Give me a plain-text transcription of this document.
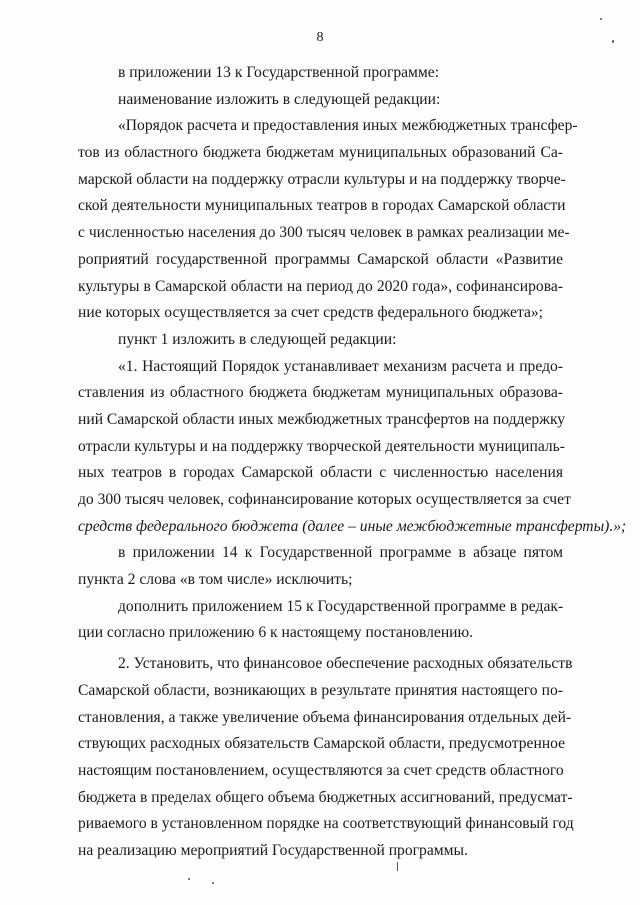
8
в приложении 13 к Государственной программе:
наименование изложить в следующей редакции:
«Порядок расчета и предоставления иных межбюджетных трансфер-
тов из областного бюджета бюджетам муниципальных образований Са-
марской области на поддержку отрасли культуры и на поддержку творче-
ской деятельности муниципальных театров в городах Самарской области
с численностью населения до 300 тысяч человек в рамках реализации ме-
роприятий государственной программы Самарской области «Развитие
культуры в Самарской области на период до 2020 года», софинансирова-
ние которых осуществляется за счет средств федерального бюджета»;
пункт 1 изложить в следующей редакции:
«1. Настоящий Порядок устанавливает механизм расчета и предо-
ставления из областного бюджета бюджетам муниципальных образова-
ний Самарской области иных межбюджетных трансфертов на поддержку
отрасли культуры и на поддержку творческой деятельности муниципаль-
ных театров в городах Самарской области с численностью населения
до 300 тысяч человек, софинансирование которых осуществляется за счет
средств федерального бюджета (далее – иные межбюджетные трансферты).»;
в приложении 14 к Государственной программе в абзаце пятом
пункта 2 слова «в том числе» исключить;
дополнить приложением 15 к Государственной программе в редак-
ции согласно приложению 6 к настоящему постановлению.
2. Установить, что финансовое обеспечение расходных обязательств
Самарской области, возникающих в результате принятия настоящего по-
становления, а также увеличение объема финансирования отдельных дей-
ствующих расходных обязательств Самарской области, предусмотренное
настоящим постановлением, осуществляются за счет средств областного
бюджета в пределах общего объема бюджетных ассигнований, предусмат-
риваемого в установленном порядке на соответствующий финансовый год
на реализацию мероприятий Государственной программы.
